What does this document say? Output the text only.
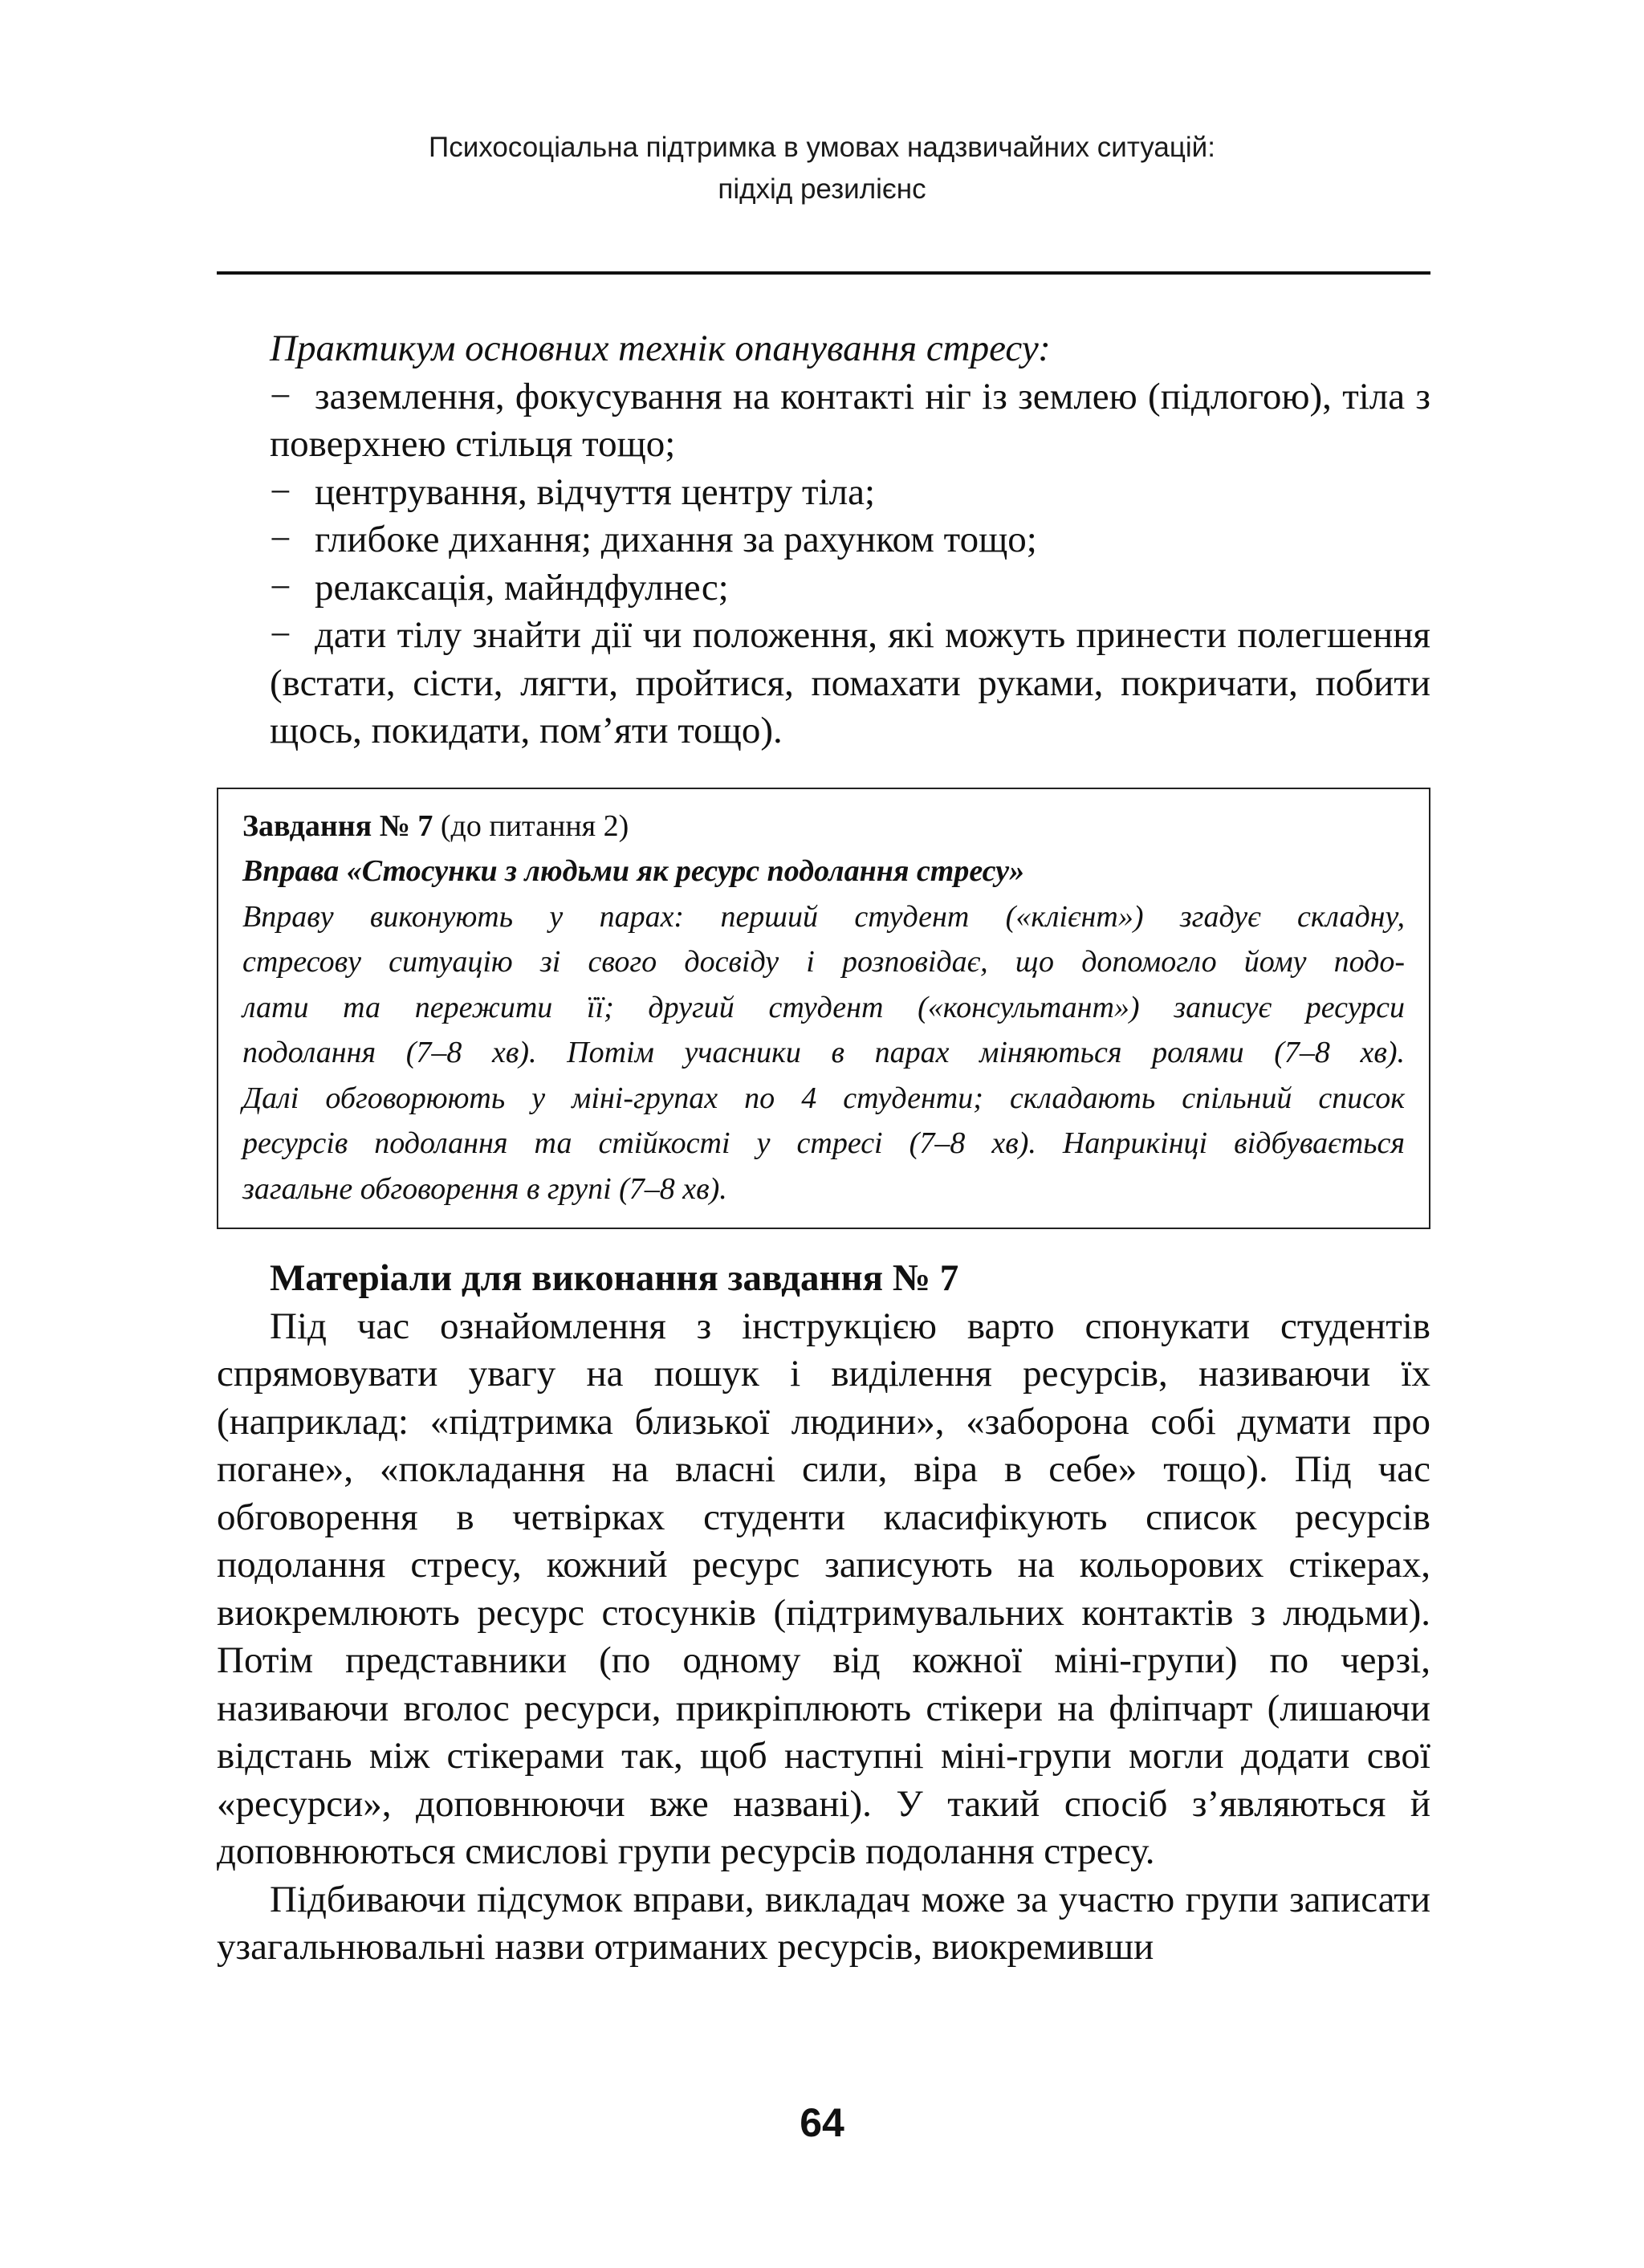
Психосоціальна підтримка в умовах надзвичайних ситуацій:
підхід резилієнс

Практикум основних технік опанування стресу:

− заземлення, фокусування на контакті ніг із землею (підлогою), тіла з поверхнею стільця тощо;
− центрування, відчуття центру тіла;
− глибоке дихання; дихання за рахунком тощо;
− релаксація, майндфулнес;
− дати тілу знайти дії чи положення, які можуть принести полегшення (встати, сісти, лягти, пройтися, помахати руками, покричати, побити щось, покидати, пом’яти тощо).

Завдання № 7 (до питання 2)

Вправа «Стосунки з людьми як ресурс подолання стресу»

Вправу виконують у парах: перший студент («клієнт») згадує складну,

стресову ситуацію зі свого досвіду і розповідає, що допомогло йому подо-

лати та пережити її; другий студент («консультант») записує ресурси

подолання (7–8 хв). Потім учасники в парах міняються ролями (7–8 хв).

Далі обговорюють у міні-групах по 4 студенти; складають спільний список

ресурсів подолання та стійкості у стресі (7–8 хв). Наприкінці відбувається

загальне обговорення в групі (7–8 хв).

Матеріали для виконання завдання № 7

Під час ознайомлення з інструкцією варто спонукати студентів спрямовувати увагу на пошук і виділення ресурсів, називаючи їх (наприклад: «підтримка близької людини», «заборона собі думати про погане», «покладання на власні сили, віра в себе» тощо). Під час обговорення в четвірках студенти класифікують список ресурсів подолання стресу, кожний ресурс записують на кольорових стікерах, виокремлюють ресурс стосунків (підтримувальних контактів з людьми). Потім представники (по одному від кожної міні-групи) по черзі, називаючи вголос ресурси, прикріплюють стікери на фліпчарт (лишаючи відстань між стікерами так, щоб наступні міні-групи могли додати свої «ресурси», доповнюючи вже названі). У такий спосіб з’являються й доповнюються смислові групи ресурсів подолання стресу.

Підбиваючи підсумок вправи, викладач може за участю групи записати узагальнювальні назви отриманих ресурсів, виокремивши

64
